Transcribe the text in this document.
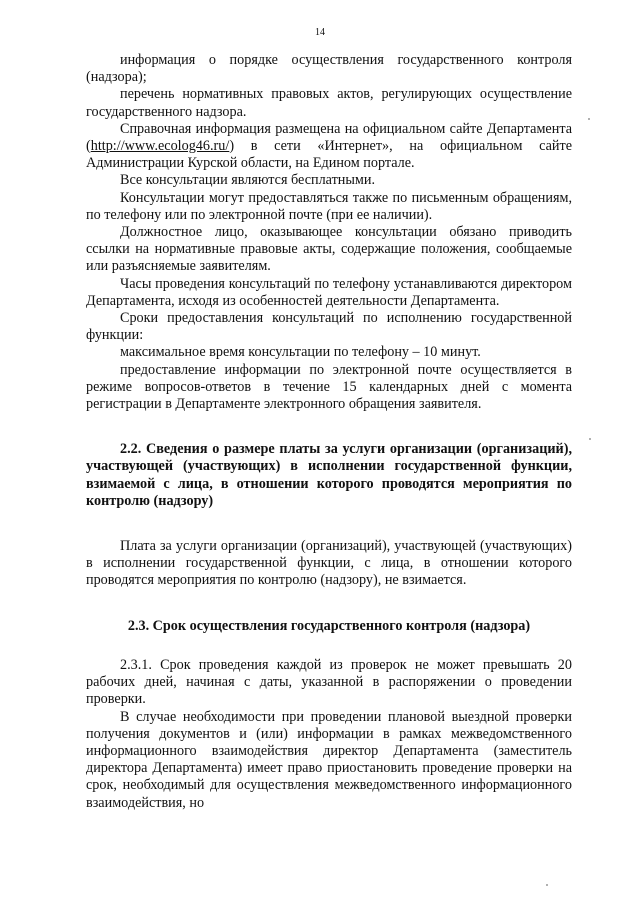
14

информация о порядке осуществления государственного контроля (надзора);

перечень нормативных правовых актов, регулирующих осуществление государственного надзора.

Справочная информация размещена на официальном сайте Департамента (http://www.ecolog46.ru/) в сети «Интернет», на официальном сайте Администрации Курской области, на Едином портале.

Все консультации являются бесплатными.

Консультации могут предоставляться также по письменным обращениям, по телефону или по электронной почте (при ее наличии).

Должностное лицо, оказывающее консультации обязано приводить ссылки на нормативные правовые акты, содержащие положения, сообщаемые или разъясняемые заявителям.

Часы проведения консультаций по телефону устанавливаются директором Департамента, исходя из особенностей деятельности Департамента.

Сроки предоставления консультаций по исполнению государственной функции:

максимальное время консультации по телефону – 10 минут.

предоставление информации по электронной почте осуществляется в режиме вопросов-ответов в течение 15 календарных дней с момента регистрации в Департаменте электронного обращения заявителя.

2.2. Сведения о размере платы за услуги организации (организаций), участвующей (участвующих) в исполнении государственной функции, взимаемой с лица, в отношении которого проводятся мероприятия по контролю (надзору)

Плата за услуги организации (организаций), участвующей (участвующих) в исполнении государственной функции, с лица, в отношении которого проводятся мероприятия по контролю (надзору), не взимается.

2.3. Срок осуществления государственного контроля (надзора)

2.3.1. Срок проведения каждой из проверок не может превышать 20 рабочих дней, начиная с даты, указанной в распоряжении о проведении проверки.

В случае необходимости при проведении плановой выездной проверки получения документов и (или) информации в рамках межведомственного информационного взаимодействия директор Департамента (заместитель директора Департамента) имеет право приостановить проведение проверки на срок, необходимый для осуществления межведомственного информационного взаимодействия, но
